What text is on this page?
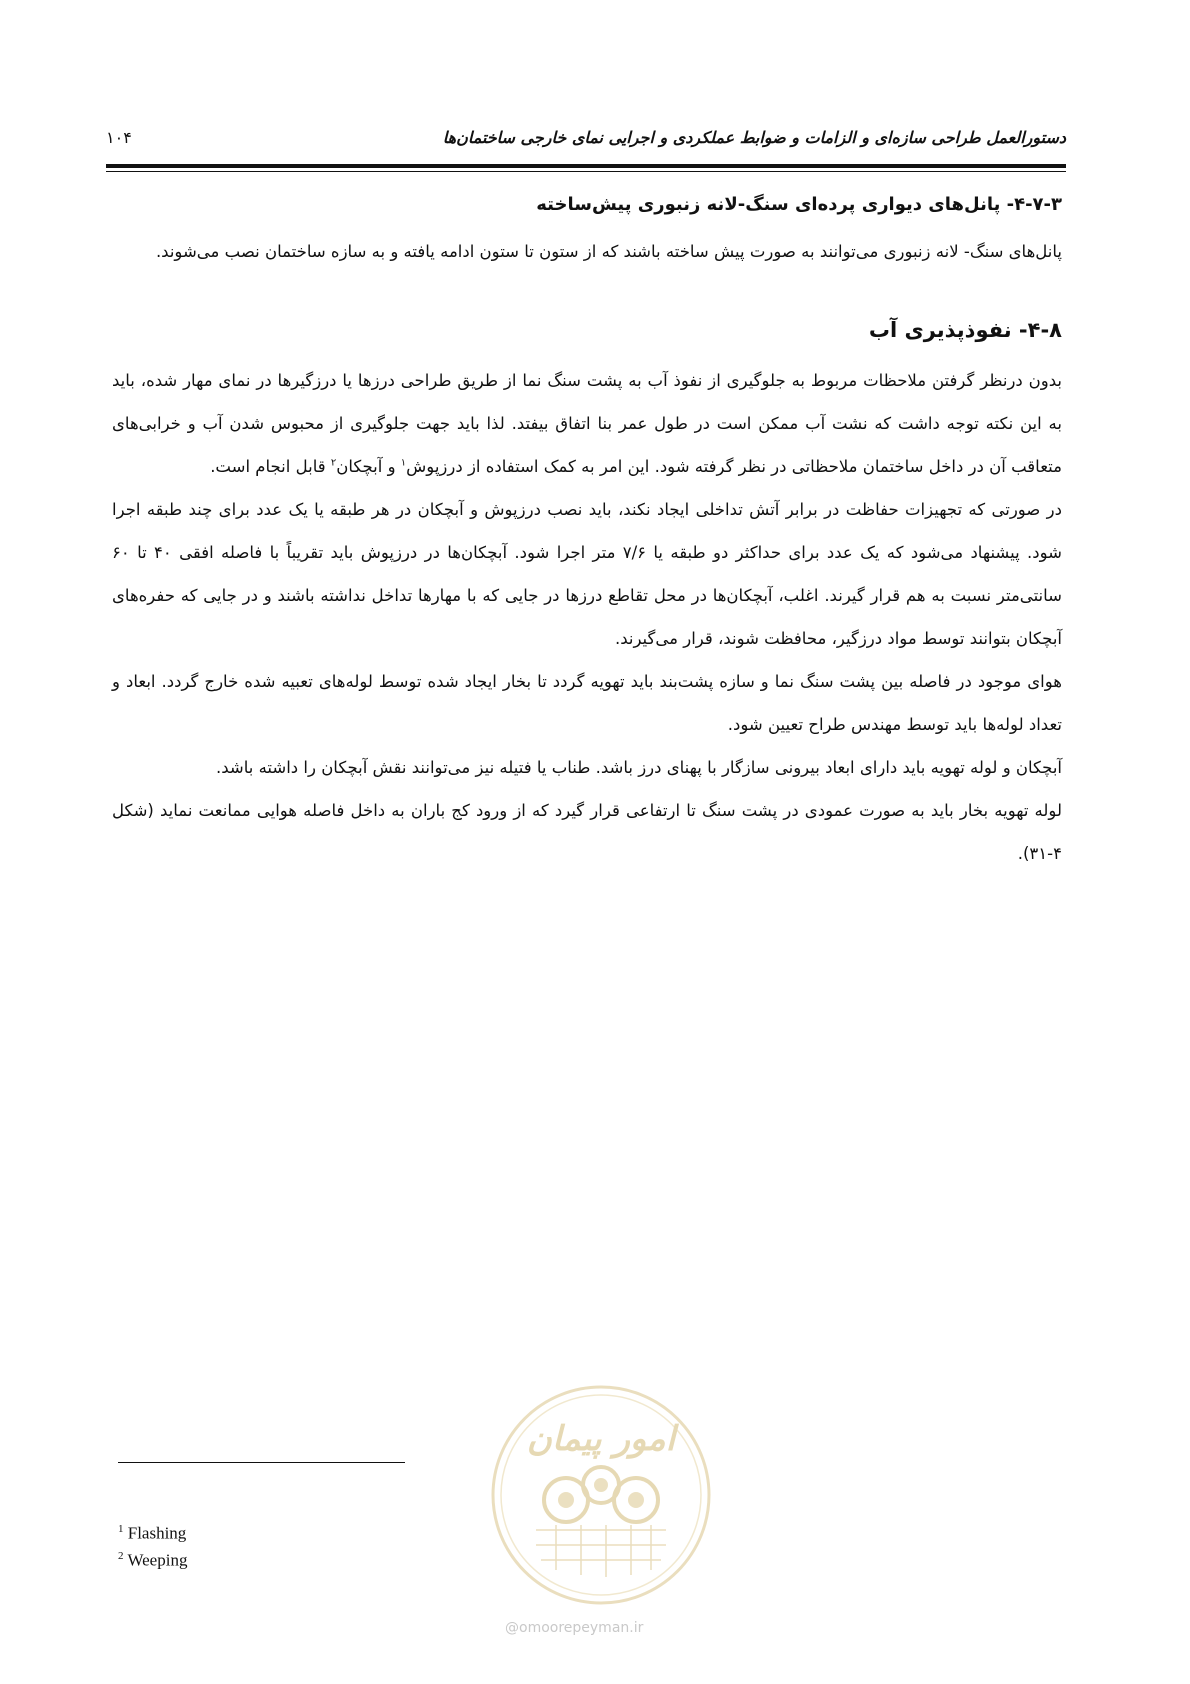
دستورالعمل طراحی سازه‌ای و الزامات و ضوابط عملکردی و اجرایی نمای خارجی ساختمان‌ها
۱۰۴
۴-۷-۳- پانل‌های دیواری پرده‌ای سنگ-لانه زنبوری پیش‌ساخته

پانل‌های سنگ- لانه زنبوری می‌توانند به صورت پیش ساخته باشند که از ستون تا ستون ادامه یافته و به سازه ساختمان نصب می‌شوند.

۴-۸- نفوذپذیری آب

بدون درنظر گرفتن ملاحظات مربوط به جلوگیری از نفوذ آب به پشت سنگ نما از طریق طراحی درزها یا درزگیرها در نمای مهار شده، باید به این نکته توجه داشت که نشت آب ممکن است در طول عمر بنا اتفاق بیفتد. لذا باید جهت جلوگیری از محبوس شدن آب و خرابی‌های متعاقب آن در داخل ساختمان ملاحظاتی در نظر گرفته شود. این امر به کمک استفاده از درزپوش$^۱$ و آبچکان$^۲$ قابل انجام است.

در صورتی که تجهیزات حفاظت در برابر آتش تداخلی ایجاد نکند، باید نصب درزپوش و آبچکان در هر طبقه یا یک عدد برای چند طبقه اجرا شود. پیشنهاد می‌شود که یک عدد برای حداکثر دو طبقه یا ۷/۶ متر اجرا شود. آبچکان‌ها در درزپوش باید تقریباً با فاصله افقی ۴۰ تا ۶۰ سانتی‌متر نسبت به هم قرار گیرند. اغلب، آبچکان‌ها در محل تقاطع درزها در جایی که با مهارها تداخل نداشته باشند و در جایی که حفره‌های آبچکان بتوانند توسط مواد درزگیر، محافظت شوند، قرار می‌گیرند.

هوای موجود در فاصله بین پشت سنگ نما و سازه پشت‌بند باید تهویه گردد تا بخار ایجاد شده توسط لوله‌های تعبیه شده خارج گردد. ابعاد و تعداد لوله‌ها باید توسط مهندس طراح تعیین شود.

آبچکان و لوله تهویه باید دارای ابعاد بیرونی سازگار با پهنای درز باشد. طناب یا فتیله نیز می‌توانند نقش آبچکان را داشته باشد.

لوله تهویه بخار باید به صورت عمودی در پشت سنگ تا ارتفاعی قرار گیرد که از ورود کج باران به داخل فاصله هوایی ممانعت نماید (شکل ۴-۳۱).

امور پیمان
@omoorepeyman.ir
$^1$ Flashing
$^2$ Weeping
